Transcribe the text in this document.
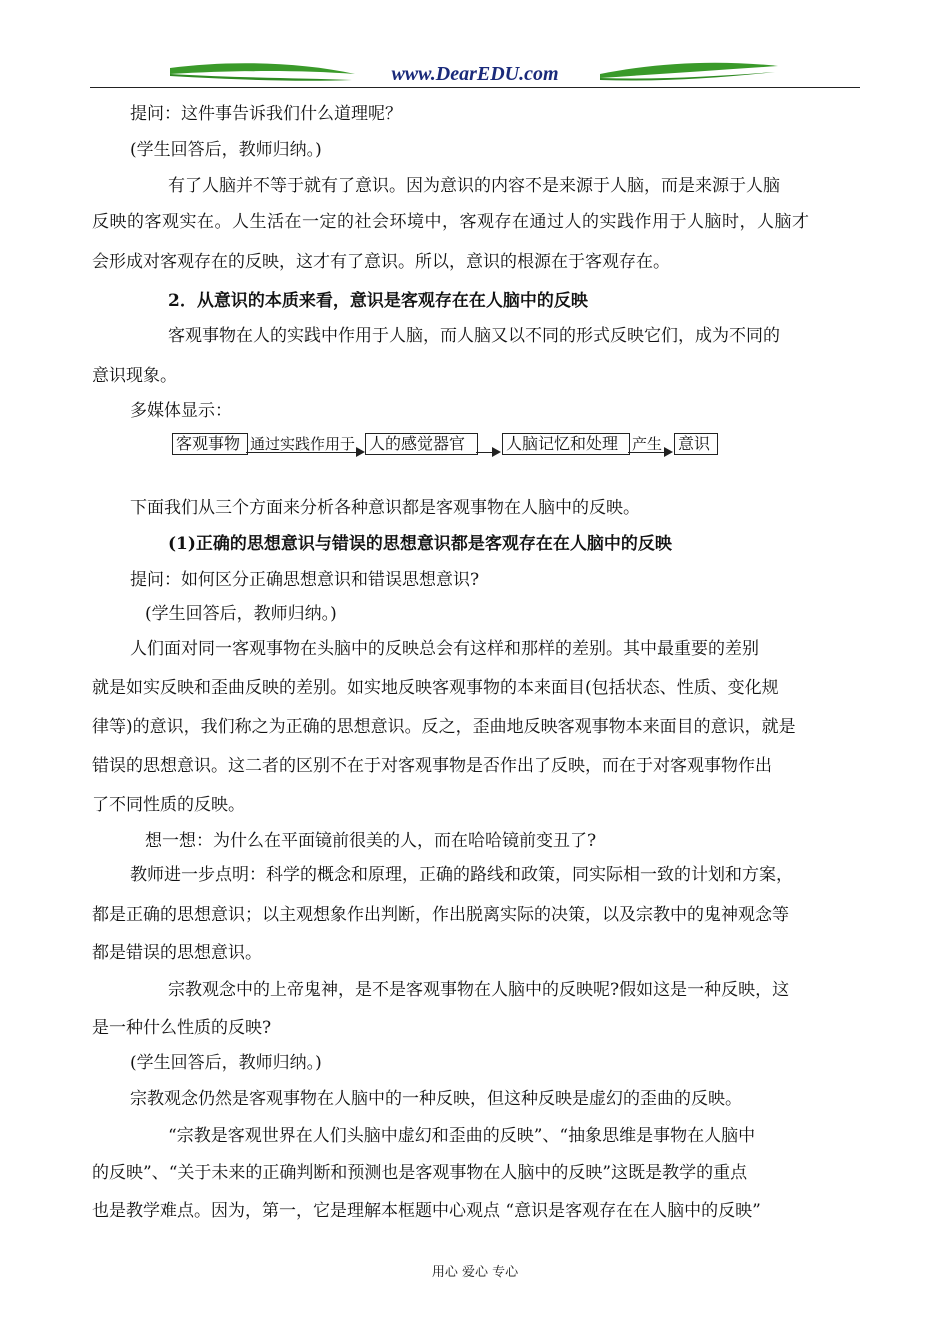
www.DearEDU.com
提问：这件事告诉我们什么道理呢？
(学生回答后，教师归纳。)
有了人脑并不等于就有了意识。因为意识的内容不是来源于人脑，而是来源于人脑
反映的客观实在。人生活在一定的社会环境中，客观存在通过人的实践作用于人脑时，人脑才
会形成对客观存在的反映，这才有了意识。所以，意识的根源在于客观存在。
2．从意识的本质来看，意识是客观存在在人脑中的反映
客观事物在人的实践中作用于人脑，而人脑又以不同的形式反映它们，成为不同的
意识现象。
多媒体显示：
客观事物 通过实践作用于 人的感觉器官	人脑记忆和处理 产生 意识
下面我们从三个方面来分析各种意识都是客观事物在人脑中的反映。
(1)正确的思想意识与错误的思想意识都是客观存在在人脑中的反映
提问：如何区分正确思想意识和错误思想意识?
(学生回答后，教师归纳。)
人们面对同一客观事物在头脑中的反映总会有这样和那样的差别。其中最重要的差别
就是如实反映和歪曲反映的差别。如实地反映客观事物的本来面目(包括状态、性质、变化规
律等)的意识，我们称之为正确的思想意识。反之，歪曲地反映客观事物本来面目的意识，就是
错误的思想意识。这二者的区别不在于对客观事物是否作出了反映，而在于对客观事物作出
了不同性质的反映。
想一想：为什么在平面镜前很美的人，而在哈哈镜前变丑了?
教师进一步点明：科学的概念和原理，正确的路线和政策，同实际相一致的计划和方案，
都是正确的思想意识；以主观想象作出判断，作出脱离实际的决策，以及宗教中的鬼神观念等
都是错误的思想意识。
宗教观念中的上帝鬼神，是不是客观事物在人脑中的反映呢?假如这是一种反映，这
是一种什么性质的反映?
(学生回答后，教师归纳。)
宗教观念仍然是客观事物在人脑中的一种反映，但这种反映是虚幻的歪曲的反映。
“宗教是客观世界在人们头脑中虚幻和歪曲的反映”、“抽象思维是事物在人脑中
的反映”、“关于未来的正确判断和预测也是客观事物在人脑中的反映”这既是教学的重点
也是教学难点。因为，第一，它是理解本框题中心观点 “意识是客观存在在人脑中的反映”
用心 爱心 专心
